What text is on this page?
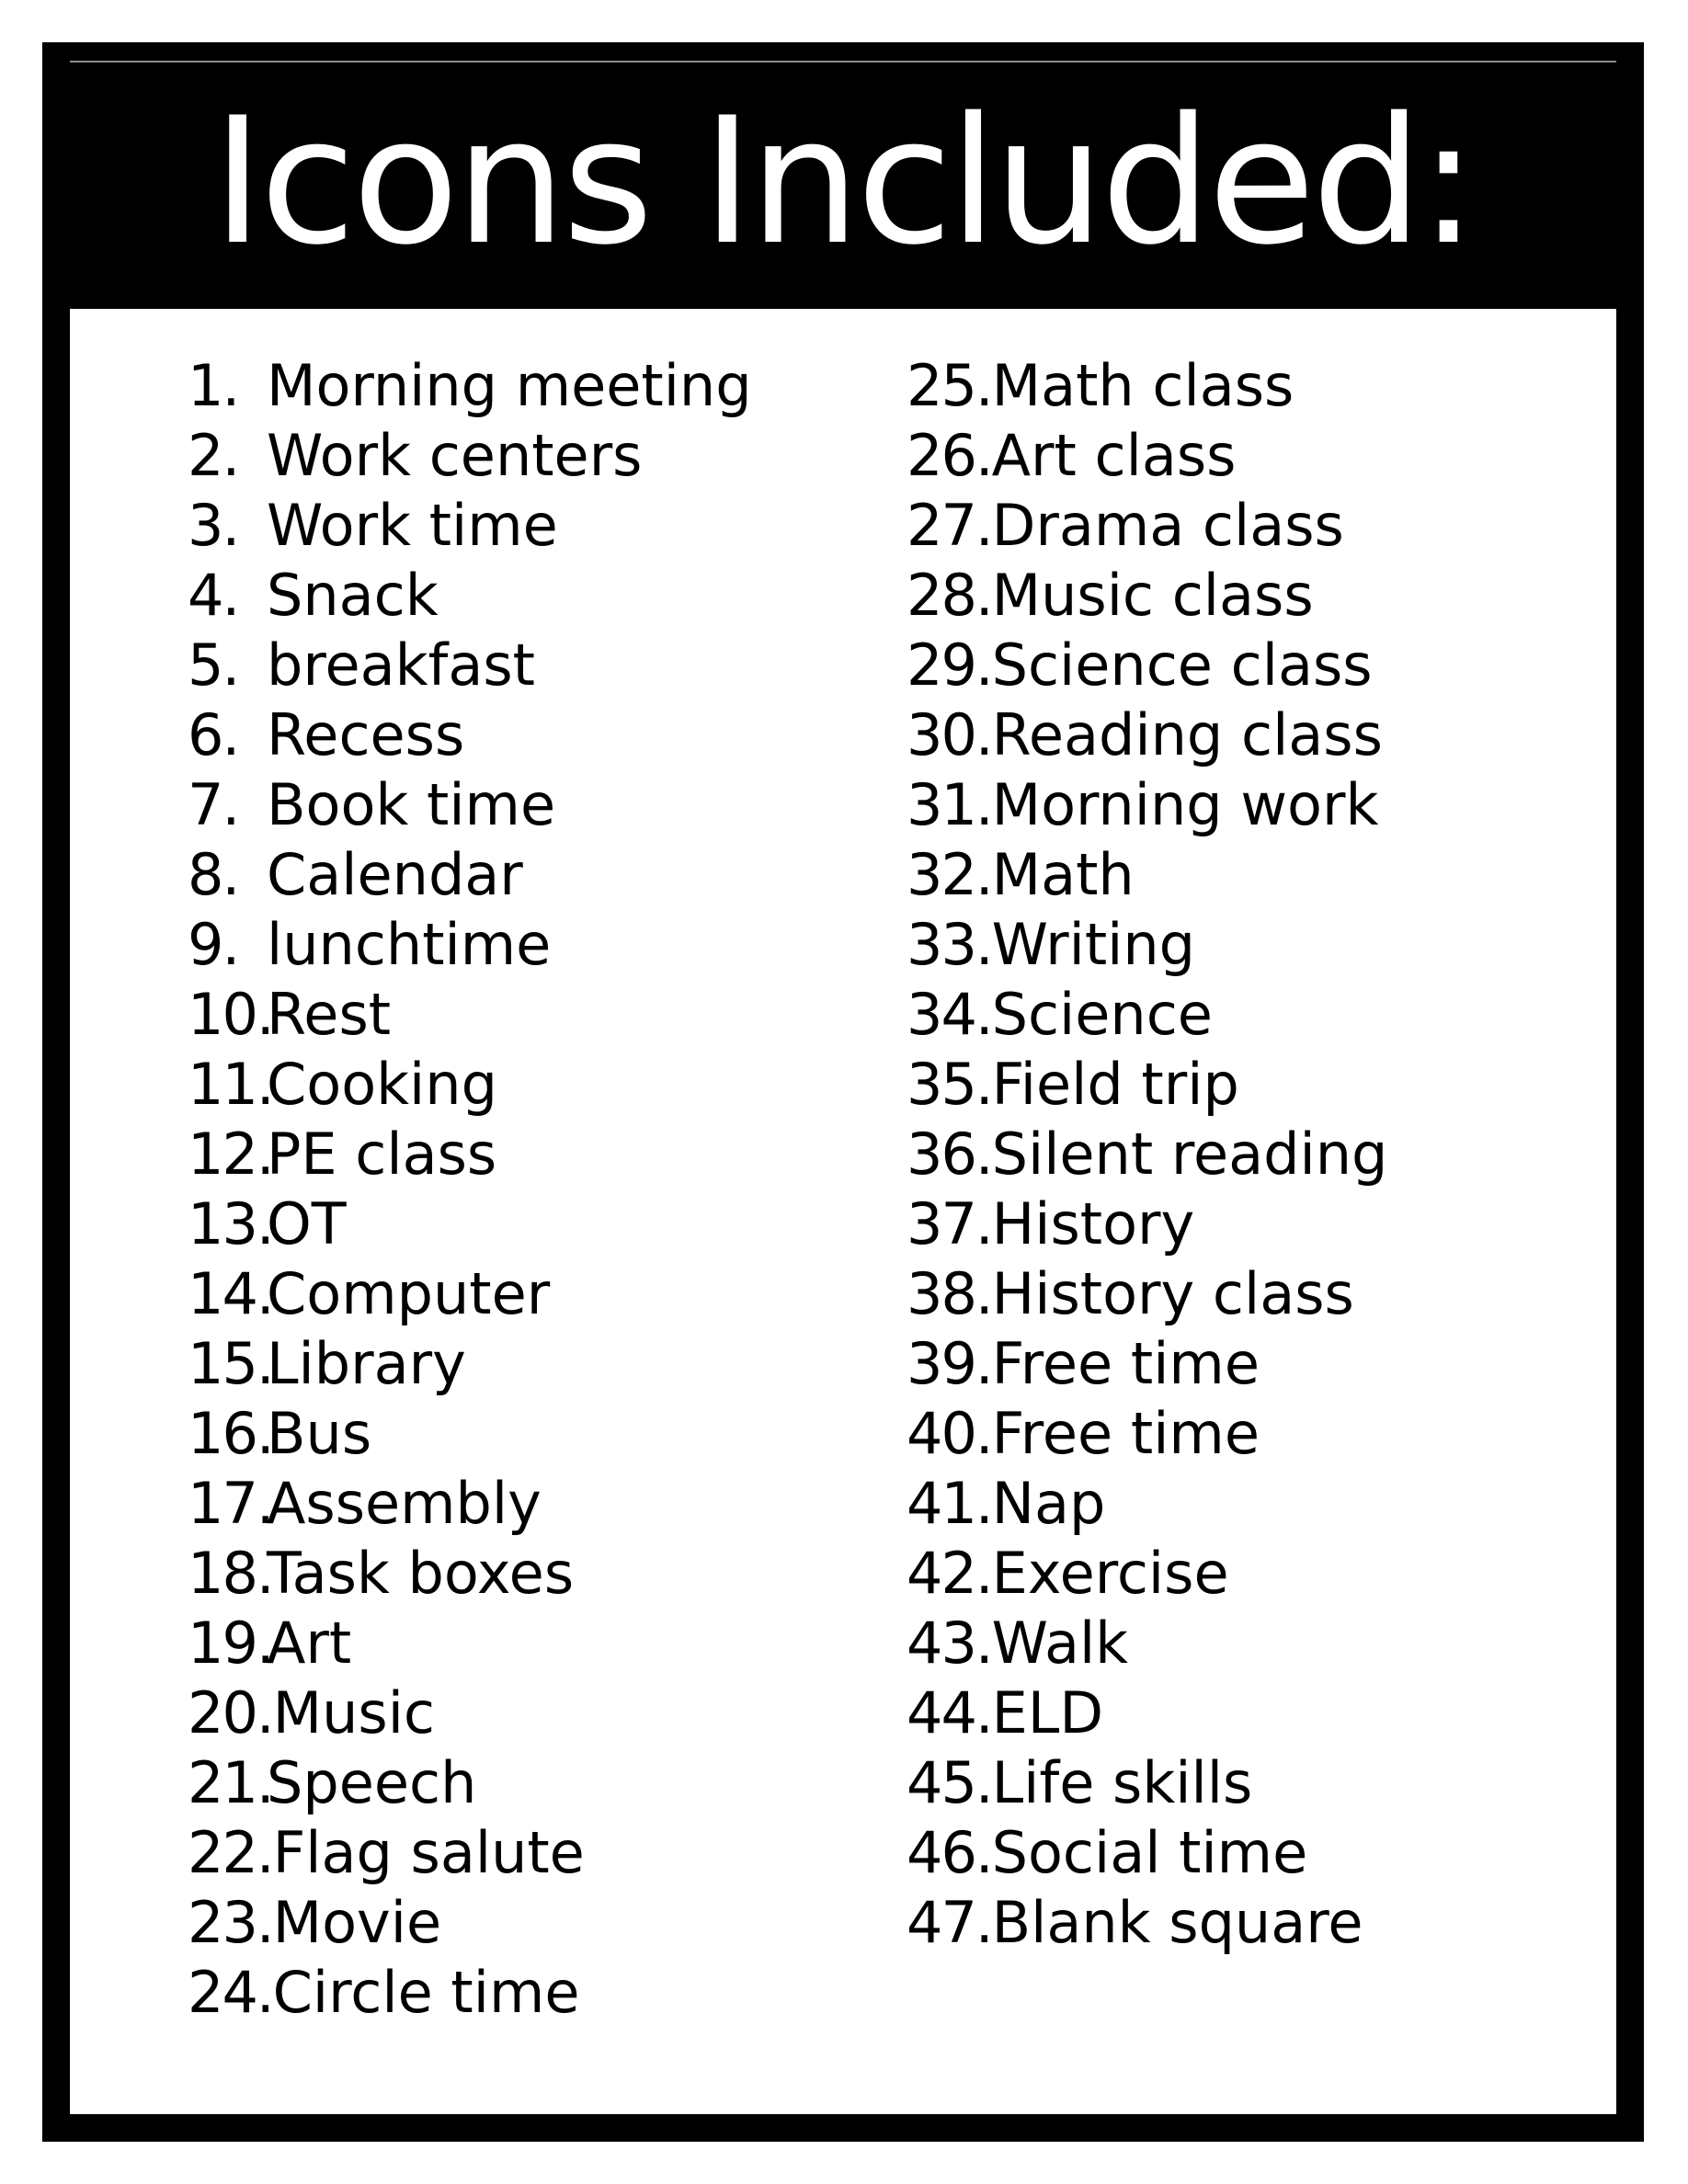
Icons Included:
1. Morning meeting
2. Work centers
3. Work time
4. Snack
5. breakfast
6. Recess
7. Book time
8. Calendar
9. lunchtime
10.Rest
11.Cooking
12.PE class
13.OT
14.Computer
15.Library
16.Bus
17.Assembly
18.Task boxes
19.Art
20.Music
21.Speech
22.Flag salute
23.Movie
24.Circle time
25.Math class
26.Art class
27.Drama class
28.Music class
29.Science class
30.Reading class
31.Morning work
32.Math
33.Writing
34.Science
35.Field trip
36.Silent reading
37.History
38.History class
39.Free time
40.Free time
41.Nap
42.Exercise
43.Walk
44.ELD
45.Life skills
46.Social time
47.Blank square
